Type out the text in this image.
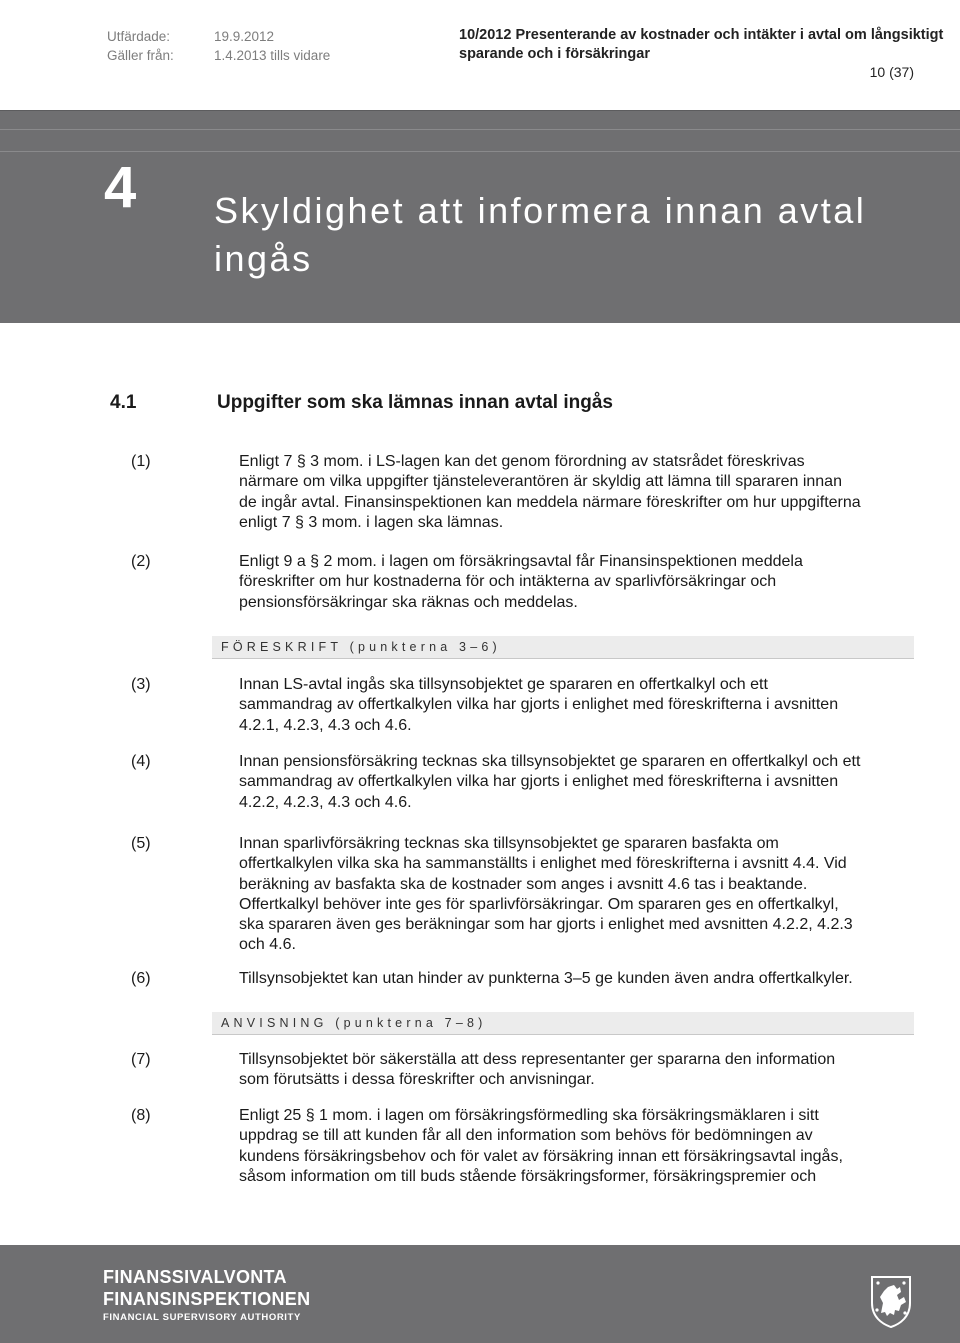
Utfärdade:	19.9.2012
Gäller från:	1.4.2013 tills vidare
10/2012 Presenterande av kostnader och intäkter i avtal om långsiktigt
sparande och i försäkringar
10 (37)
4 Skyldighet att informera innan avtal
ingås
4.1	Uppgifter som ska lämnas innan avtal ingås
(1)	Enligt 7 § 3 mom. i LS-lagen kan det genom förordning av statsrådet föreskrivas
närmare om vilka uppgifter tjänsteleverantören är skyldig att lämna till spararen innan
de ingår avtal. Finansinspektionen kan meddela närmare föreskrifter om hur uppgifterna
enligt 7 § 3 mom. i lagen ska lämnas.
(2)	Enligt 9 a § 2 mom. i lagen om försäkringsavtal får Finansinspektionen meddela
föreskrifter om hur kostnaderna för och intäkterna av sparlivförsäkringar och
pensionsförsäkringar ska räknas och meddelas.
FÖRESKRIFT (punkterna 3–6)
(3)	Innan LS-avtal ingås ska tillsynsobjektet ge spararen en offertkalkyl och ett
sammandrag av offertkalkylen vilka har gjorts i enlighet med föreskrifterna i avsnitten
4.2.1, 4.2.3, 4.3 och 4.6.
(4)	Innan pensionsförsäkring tecknas ska tillsynsobjektet ge spararen en offertkalkyl och ett
sammandrag av offertkalkylen vilka har gjorts i enlighet med föreskrifterna i avsnitten
4.2.2, 4.2.3, 4.3 och 4.6.
(5)	Innan sparlivförsäkring tecknas ska tillsynsobjektet ge spararen basfakta om
offertkalkylen vilka ska ha sammanställts i enlighet med föreskrifterna i avsnitt 4.4. Vid
beräkning av basfakta ska de kostnader som anges i avsnitt 4.6 tas i beaktande.
Offertkalkyl behöver inte ges för sparlivförsäkringar. Om spararen ges en offertkalkyl,
ska spararen även ges beräkningar som har gjorts i enlighet med avsnitten 4.2.2, 4.2.3
och 4.6.
(6)	Tillsynsobjektet kan utan hinder av punkterna 3–5 ge kunden även andra offertkalkyler.
ANVISNING (punkterna 7–8)
(7)	Tillsynsobjektet bör säkerställa att dess representanter ger spararna den information
som förutsätts i dessa föreskrifter och anvisningar.
(8)	Enligt 25 § 1 mom. i lagen om försäkringsförmedling ska försäkringsmäklaren i sitt
uppdrag se till att kunden får all den information som behövs för bedömningen av
kundens försäkringsbehov och för valet av försäkring innan ett försäkringsavtal ingås,
såsom information om till buds stående försäkringsformer, försäkringspremier och
FINANSSIVALVONTA
FINANSINSPEKTIONEN
FINANCIAL SUPERVISORY AUTHORITY
